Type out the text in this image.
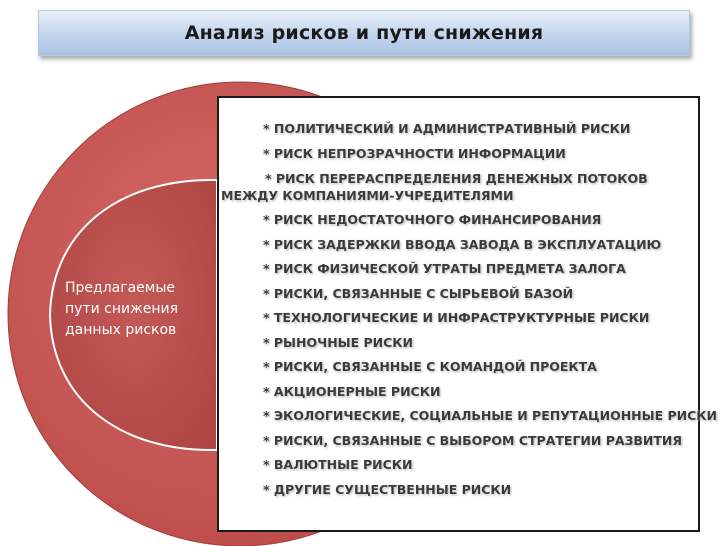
Анализ рисков и пути снижения
Предлагаемые
пути снижения
данных рисков
* ПОЛИТИЧЕСКИЙ И АДМИНИСТРАТИВНЫЙ РИСКИ
* РИСК НЕПРОЗРАЧНОСТИ ИНФОРМАЦИИ
* РИСК ПЕРЕРАСПРЕДЕЛЕНИЯ ДЕНЕЖНЫХ ПОТОКОВ МЕЖДУ КОМПАНИЯМИ-УЧРЕДИТЕЛЯМИ
* РИСК НЕДОСТАТОЧНОГО ФИНАНСИРОВАНИЯ
* РИСК ЗАДЕРЖКИ ВВОДА ЗАВОДА В ЭКСПЛУАТАЦИЮ
* РИСК ФИЗИЧЕСКОЙ УТРАТЫ ПРЕДМЕТА ЗАЛОГА
* РИСКИ, СВЯЗАННЫЕ С СЫРЬЕВОЙ БАЗОЙ
* ТЕХНОЛОГИЧЕСКИЕ И ИНФРАСТРУКТУРНЫЕ РИСКИ
* РЫНОЧНЫЕ РИСКИ
* РИСКИ, СВЯЗАННЫЕ С КОМАНДОЙ ПРОЕКТА
* АКЦИОНЕРНЫЕ РИСКИ
* ЭКОЛОГИЧЕСКИЕ, СОЦИАЛЬНЫЕ И РЕПУТАЦИОННЫЕ РИСКИ
* РИСКИ, СВЯЗАННЫЕ С ВЫБОРОМ СТРАТЕГИИ РАЗВИТИЯ
* ВАЛЮТНЫЕ РИСКИ
* ДРУГИЕ СУЩЕСТВЕННЫЕ РИСКИ
